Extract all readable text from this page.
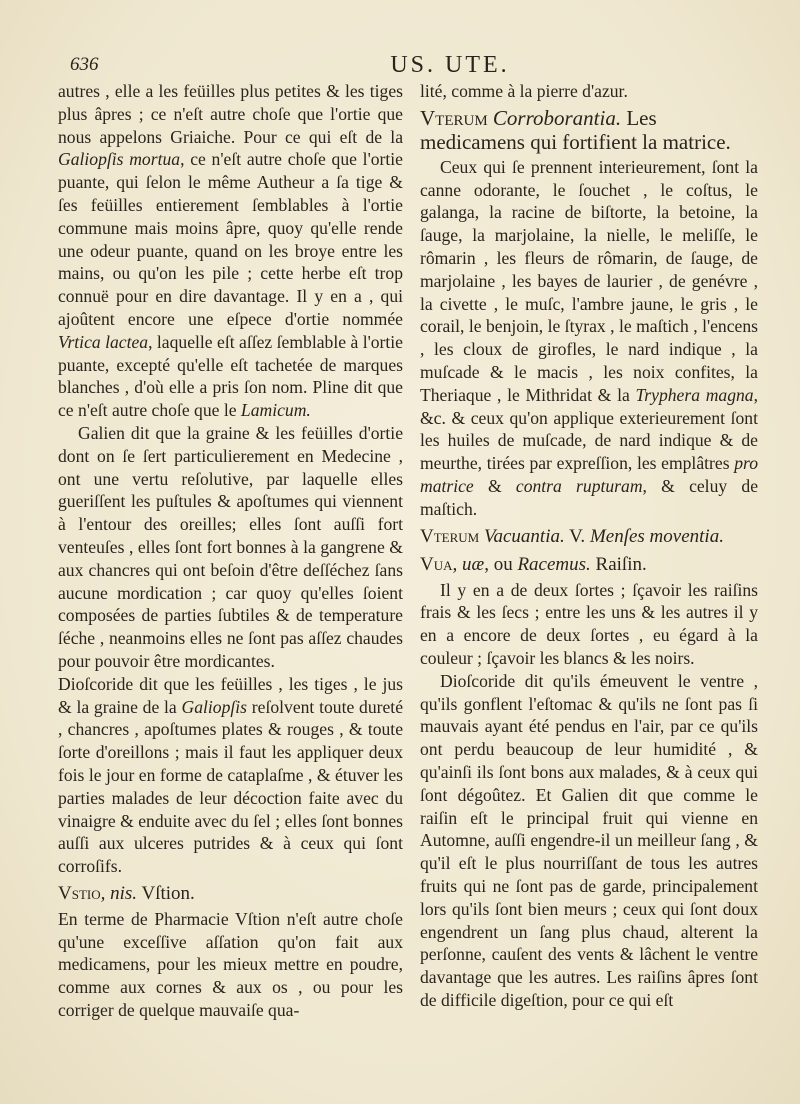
636	US. UTE.

autres , elle a les feüilles plus petites & les tiges plus âpres ; ce n'eſt autre choſe que l'ortie que nous appelons Griaiche. Pour ce qui eſt de la Galiopſis mortua, ce n'eſt autre choſe que l'ortie puante, qui ſelon le même Autheur a ſa tige & ſes feüilles entierement ſemblables à l'ortie commune mais moins âpre, quoy qu'elle rende une odeur puante, quand on les broye entre les mains, ou qu'on les pile ; cette herbe eſt trop connuë pour en dire davantage. Il y en a , qui ajoûtent encore une eſpece d'ortie nommée Vrtica lactea, laquelle eſt aſſez ſemblable à l'ortie puante, excepté qu'elle eſt tachetée de marques blanches , d'où elle a pris ſon nom. Pline dit que ce n'eſt autre choſe que le Lamicum.

Galien dit que la graine & les feüilles d'ortie dont on ſe ſert particulierement en Medecine , ont une vertu reſolutive, par laquelle elles gueriſſent les puſtules & apoſtumes qui viennent à l'entour des oreilles; elles ſont auſſi fort venteuſes , elles ſont fort bonnes à la gangrene & aux chancres qui ont beſoin d'être deſſéchez ſans aucune mordication ; car quoy qu'elles ſoient composées de parties ſubtiles & de temperature ſéche , neanmoins elles ne ſont pas aſſez chaudes pour pouvoir être mordicantes.

Dioſcoride dit que les feüilles , les tiges , le jus & la graine de la Galiopſis reſolvent toute dureté , chancres , apoſtumes plates & rouges , & toute ſorte d'oreillons ; mais il faut les appliquer deux fois le jour en forme de cataplaſme , & étuver les parties malades de leur décoction faite avec du vinaigre & enduite avec du ſel ; elles ſont bonnes auſſi aux ulceres putrides & à ceux qui ſont corroſifs.

Vstio, nis. Vſtion.

En terme de Pharmacie Vſtion n'eſt autre choſe qu'une exceſſive aſſation qu'on fait aux medicamens, pour les mieux mettre en poudre, comme aux cornes & aux os , ou pour les corriger de quelque mauvaiſe qua-

lité, comme à la pierre d'azur.

Vterum Corroborantia. Les medicamens qui fortifient la matrice.

Ceux qui ſe prennent interieurement, ſont la canne odorante, le ſouchet , le coſtus, le galanga, la racine de biſtorte, la betoine, la ſauge, la marjolaine, la nielle, le meliſſe, le rômarin , les fleurs de rômarin, de ſauge, de marjolaine , les bayes de laurier , de genévre , la civette , le muſc, l'ambre jaune, le gris , le corail, le benjoin, le ſtyrax , le maſtich , l'encens , les cloux de girofles, le nard indique , la muſcade & le macis , les noix confites, la Theriaque , le Mithridat & la Tryphera magna, &c. & ceux qu'on applique exterieurement ſont les huiles de muſcade, de nard indique & de meurthe, tirées par expreſſion, les emplâtres pro matrice & contra rupturam, & celuy de maſtich.

Vterum Vacuantia. V. Menſes moventia.
Vua, uæ, ou Racemus. Raiſin.

Il y en a de deux ſortes ; ſçavoir les raiſins frais & les ſecs ; entre les uns & les autres il y en a encore de deux ſortes , eu égard à la couleur ; ſçavoir les blancs & les noirs.

Dioſcoride dit qu'ils émeuvent le ventre , qu'ils gonflent l'eſtomac & qu'ils ne ſont pas ſi mauvais ayant été pendus en l'air, par ce qu'ils ont perdu beaucoup de leur humidité , & qu'ainſi ils ſont bons aux malades, & à ceux qui ſont dégoûtez. Et Galien dit que comme le raiſin eſt le principal fruit qui vienne en Automne, auſſi engendre-il un meilleur ſang , & qu'il eſt le plus nourriſſant de tous les autres fruits qui ne ſont pas de garde, principalement lors qu'ils ſont bien meurs ; ceux qui ſont doux engendrent un ſang plus chaud, alterent la perſonne, cauſent des vents & lâchent le ventre davantage que les autres. Les raiſins âpres ſont de difficile digeſtion, pour ce qui eſt
